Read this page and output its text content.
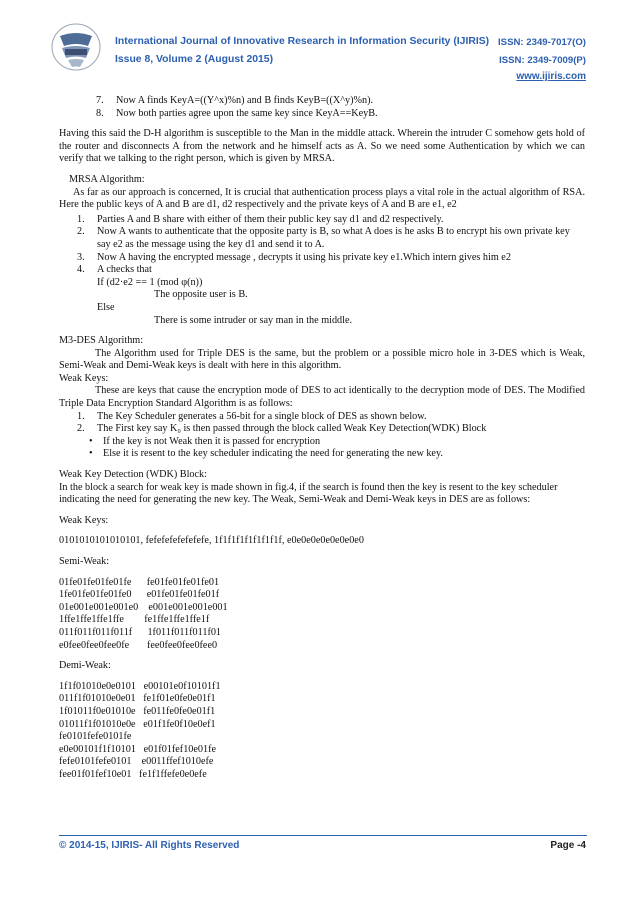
International Journal of Innovative Research in Information Security (IJIRIS)
Issue 8, Volume 2 (August 2015)
ISSN: 2349-7017(O)
ISSN: 2349-7009(P)
www.ijiris.com
7.	Now A finds KeyA=((Y^x)%n) and B finds KeyB=((X^y)%n).
8.	Now both parties agree upon the same key since KeyA==KeyB.

Having this said the D-H algorithm is susceptible to the Man in the middle attack. Wherein the intruder C somehow gets hold of the router and disconnects A from the network and he himself acts as A. So we need some Authentication by which we can verify that we talking to the right person, which is given by MRSA.

MRSA Algorithm:

As far as our approach is concerned, It is crucial that authentication process plays a vital role in the actual algorithm of RSA. Here the public keys of A and B are d1, d2 respectively and the private keys of A and B are e1, e2

1.	Parties A and B share with either of them their public key say d1 and d2 respectively.
2.	Now A wants to authenticate that the opposite party is B, so what A does is he asks B to encrypt his own private key say e2 as the message using the key d1 and send it to A.
3.	Now A having the encrypted message , decrypts it using his private key e1.Which intern gives him e2
4.	A checks that
If (d2·e2 == 1 (mod φ(n))
The opposite user is B.
Else
There is some intruder or say man in the middle.
M3-DES Algorithm:

The Algorithm used for Triple DES is the same, but the problem or a possible micro hole in 3-DES which is Weak, Semi-Weak and Demi-Weak keys is dealt with here in this algorithm.

Weak Keys:

These are keys that cause the encryption mode of DES to act identically to the decryption mode of DES. The Modified Triple Data Encryption Standard Algorithm is as follows:

1.	The Key Scheduler generates a 56-bit for a single block of DES as shown below.
2.	The First key say K₀ is then passed through the block called Weak Key Detection(WDK) Block
•	If the key is not Weak then it is passed for encryption
•	Else it is resent to the key scheduler indicating the need for generating the new key.
Weak Key Detection (WDK) Block:

In the block a search for weak key is made shown in fig.4, if the search is found then the key is resent to the key scheduler indicating the need for generating the new key. The Weak, Semi-Weak and Demi-Weak keys in DES are as follows:

Weak Keys:
0101010101010101, fefefefefefefefe, 1f1f1f1f1f1f1f1f, e0e0e0e0e0e0e0e0
Semi-Weak:
01fe01fe01fe01fe      fe01fe01fe01fe01
1fe01fe01fe01fe0      e01fe01fe01fe01f
01e001e001e001e0    e001e001e001e001
1ffe1ffe1ffe1ffe        fe1ffe1ffe1ffe1f
011f011f011f011f      1f011f011f011f01
e0fee0fee0fee0fe       fee0fee0fee0fee0
Demi-Weak:
1f1f01010e0e0101   e00101e0f10101f1
011f1f01010e0e01   fe1f01e0fe0e01f1
1f01011f0e01010e   fe011fe0fe0e01f1
01011f1f01010e0e   e01f1fe0f10e0ef1
fe0101fefe0101fe
e0e00101f1f10101   e01f01fef10e01fe
fefe0101fefe0101    e0011ffef1010efe
fee01f01fef10e01   fe1f1ffefe0e0efe
© 2014-15, IJIRIS- All Rights Reserved	Page -4
